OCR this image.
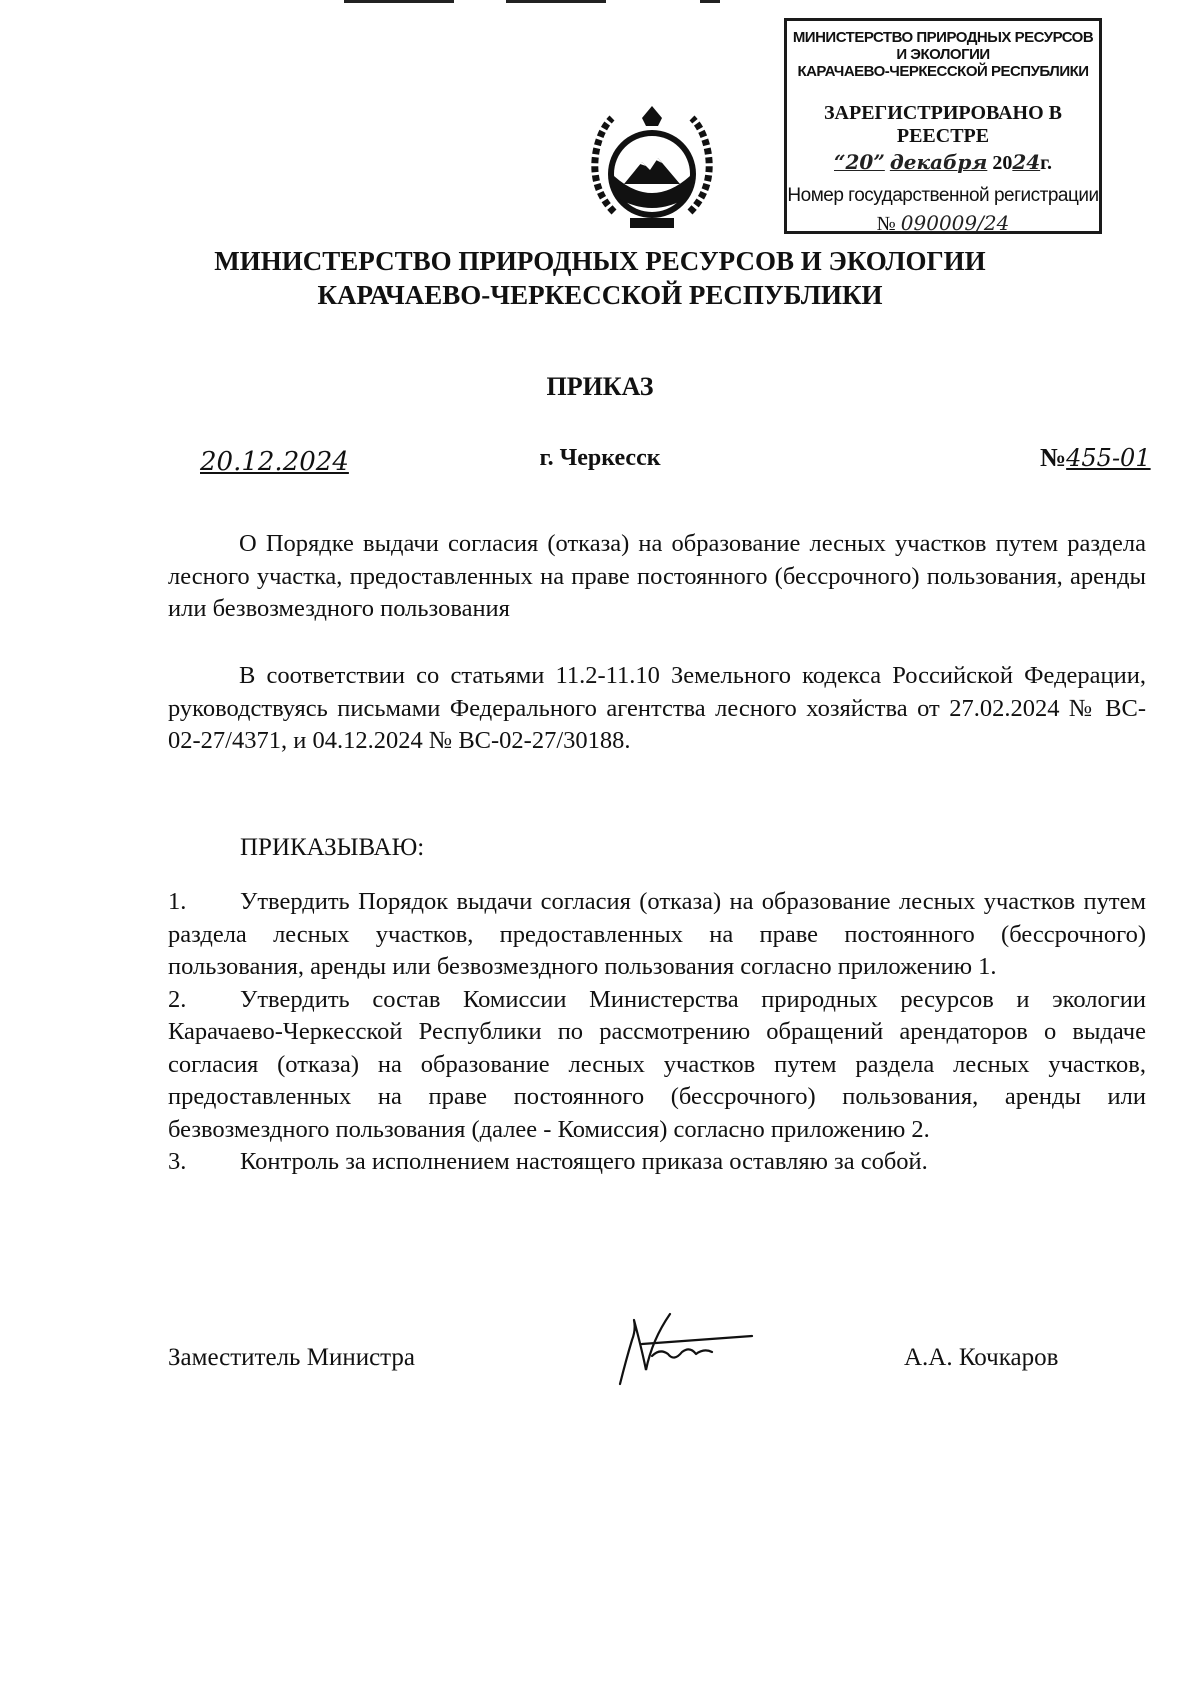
МИНИСТЕРСТВО ПРИРОДНЫХ РЕСУРСОВ И ЭКОЛОГИИ
КАРАЧАЕВО-ЧЕРКЕССКОЙ РЕСПУБЛИКИ
ЗАРЕГИСТРИРОВАНО В РЕЕСТРЕ
“20” декабря 2024г.
Номер государственной регистрации
№ 090009/24
МИНИСТЕРСТВО ПРИРОДНЫХ РЕСУРСОВ И ЭКОЛОГИИ
КАРАЧАЕВО-ЧЕРКЕССКОЙ РЕСПУБЛИКИ
ПРИКАЗ
20.12.2024	г. Черкесск	№455-01
О Порядке выдачи согласия (отказа) на образование лесных участков путем раздела лесного участка, предоставленных на праве постоянного (бессрочного) пользования, аренды или безвозмездного пользования
В соответствии со статьями 11.2-11.10 Земельного кодекса Российской Федерации, руководствуясь письмами Федерального агентства лесного хозяйства от 27.02.2024 № ВС- 02-27/4371, и 04.12.2024 № ВС-02-27/30188.
ПРИКАЗЫВАЮ:
1. Утвердить Порядок выдачи согласия (отказа) на образование лесных участков путем раздела лесных участков, предоставленных на праве постоянного (бессрочного) пользования, аренды или безвозмездного пользования согласно приложению 1.
2. Утвердить состав Комиссии Министерства природных ресурсов и экологии Карачаево-Черкесской Республики по рассмотрению обращений арендаторов о выдаче согласия (отказа) на образование лесных участков путем раздела лесных участков, предоставленных на праве постоянного (бессрочного) пользования, аренды или безвозмездного пользования (далее - Комиссия) согласно приложению 2.
3. Контроль за исполнением настоящего приказа оставляю за собой.
Заместитель Министра	А.А. Кочкаров
